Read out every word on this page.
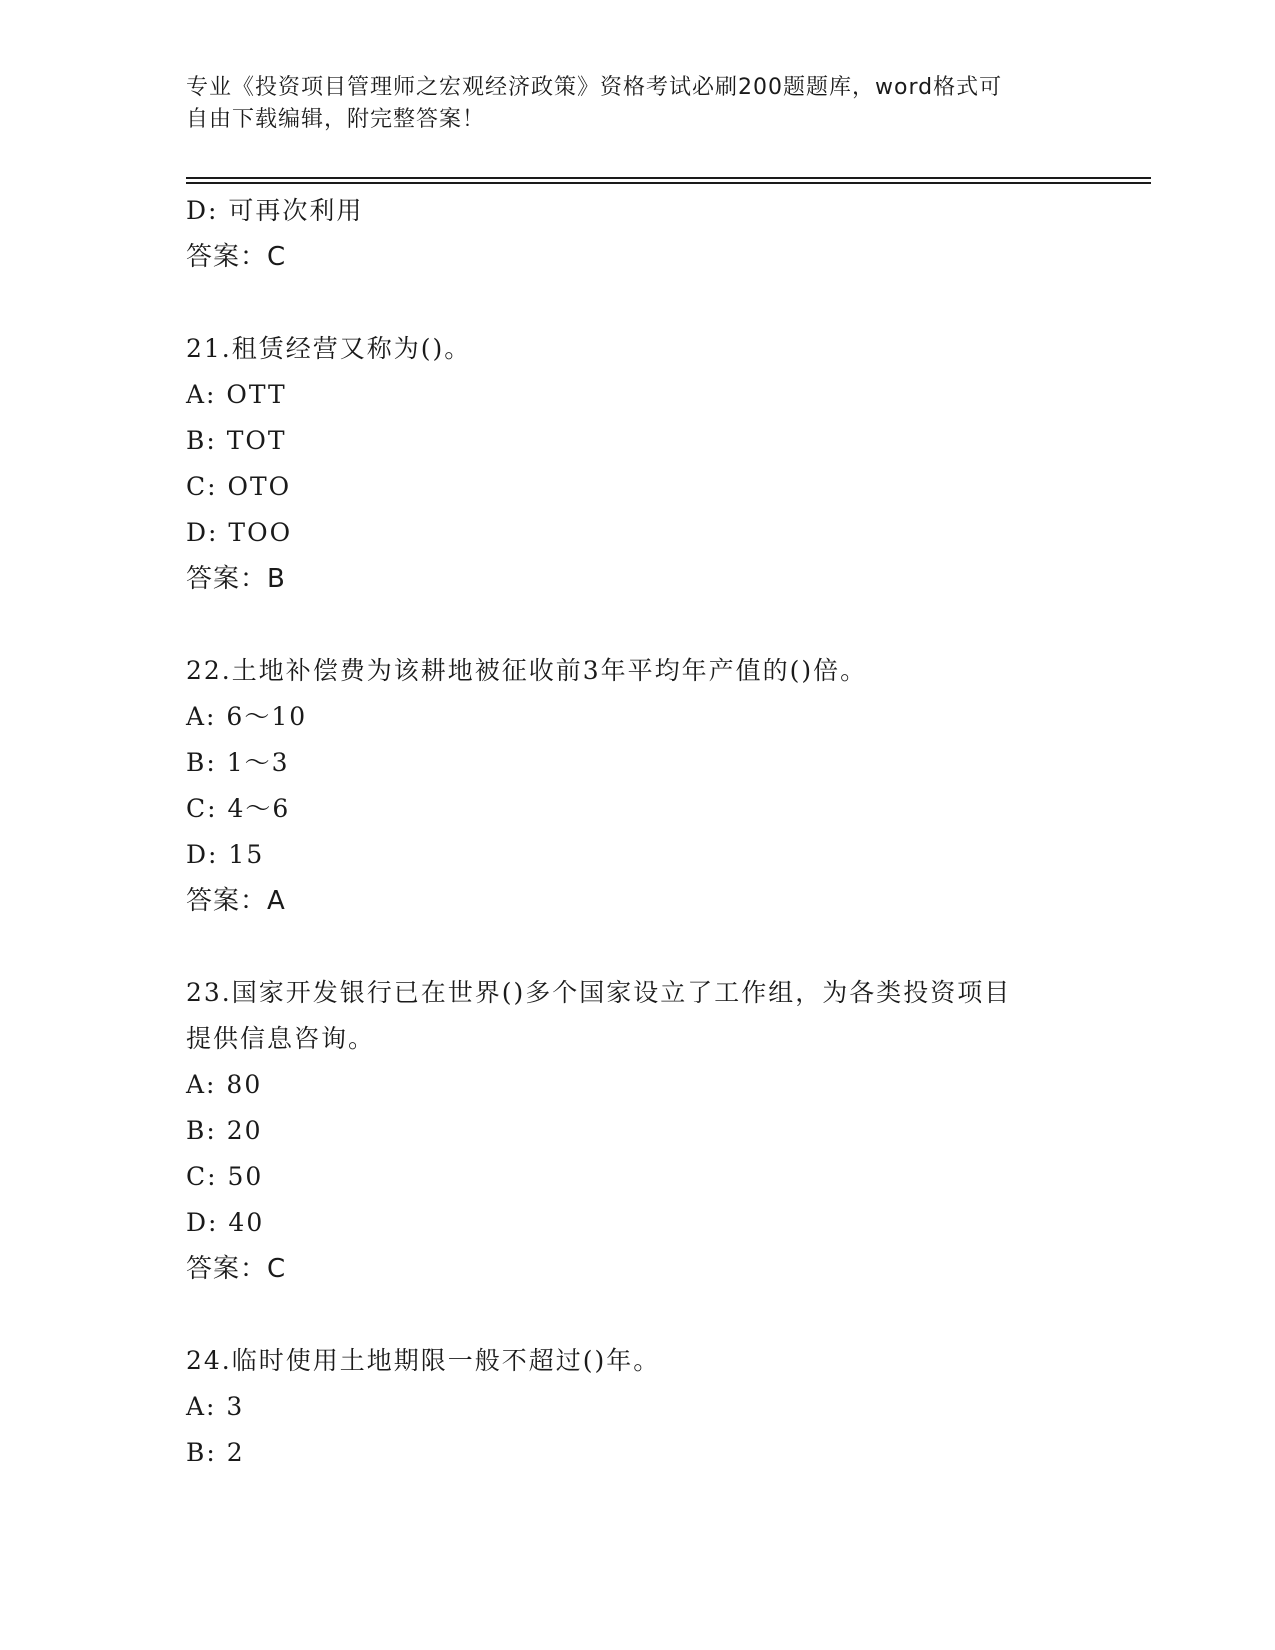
专业《投资项目管理师之宏观经济政策》资格考试必刷200题题库，word格式可
自由下载编辑，附完整答案！
D: 可再次利用
答案：C
21.租赁经营又称为()。
A: OTT
B: TOT
C: OTO
D: TOO
答案：B
22.土地补偿费为该耕地被征收前3年平均年产值的()倍。
A: 6～10
B: 1～3
C: 4～6
D: 15
答案：A
23.国家开发银行已在世界()多个国家设立了工作组，为各类投资项目
提供信息咨询。
A: 80
B: 20
C: 50
D: 40
答案：C
24.临时使用土地期限一般不超过()年。
A: 3
B: 2
